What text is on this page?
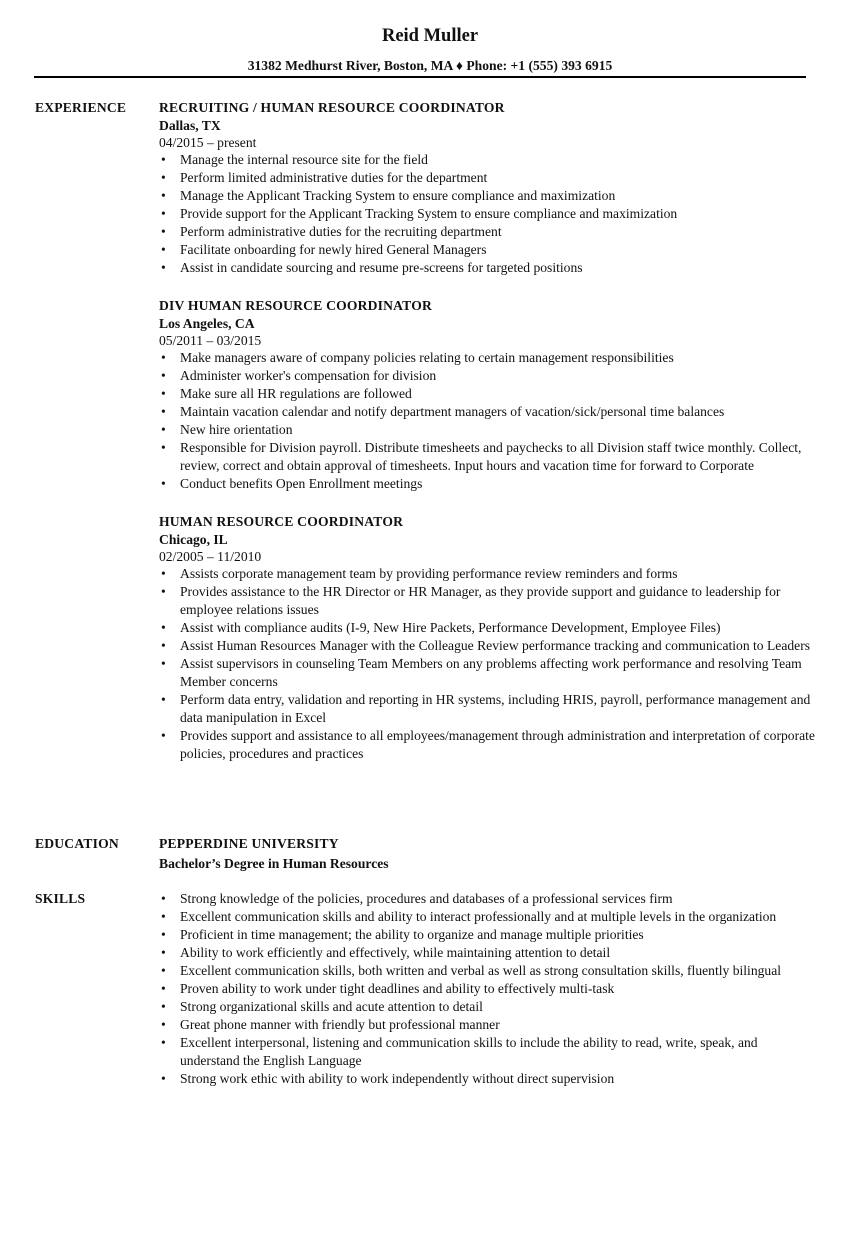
Reid Muller
31382 Medhurst River, Boston, MA ♦ Phone: +1 (555) 393 6915
EXPERIENCE RECRUITING / HUMAN RESOURCE COORDINATOR
Dallas, TX
04/2015 – present
• Manage the internal resource site for the field
• Perform limited administrative duties for the department
• Manage the Applicant Tracking System to ensure compliance and maximization
• Provide support for the Applicant Tracking System to ensure compliance and maximization
• Perform administrative duties for the recruiting department
• Facilitate onboarding for newly hired General Managers
• Assist in candidate sourcing and resume pre-screens for targeted positions
DIV HUMAN RESOURCE COORDINATOR
Los Angeles, CA
05/2011 – 03/2015
• Make managers aware of company policies relating to certain management responsibilities
• Administer worker's compensation for division
• Make sure all HR regulations are followed
• Maintain vacation calendar and notify department managers of vacation/sick/personal time balances
• New hire orientation
• Responsible for Division payroll. Distribute timesheets and paychecks to all Division staff twice monthly. Collect, review, correct and obtain approval of timesheets. Input hours and vacation time for forward to Corporate
• Conduct benefits Open Enrollment meetings
HUMAN RESOURCE COORDINATOR
Chicago, IL
02/2005 – 11/2010
• Assists corporate management team by providing performance review reminders and forms
• Provides assistance to the HR Director or HR Manager, as they provide support and guidance to leadership for employee relations issues
• Assist with compliance audits (I-9, New Hire Packets, Performance Development, Employee Files)
• Assist Human Resources Manager with the Colleague Review performance tracking and communication to Leaders
• Assist supervisors in counseling Team Members on any problems affecting work performance and resolving Team Member concerns
• Perform data entry, validation and reporting in HR systems, including HRIS, payroll, performance management and data manipulation in Excel
• Provides support and assistance to all employees/management through administration and interpretation of corporate policies, procedures and practices
EDUCATION	PEPPERDINE UNIVERSITY
Bachelor’s Degree in Human Resources
SKILLS
•	Strong knowledge of the policies, procedures and databases of a professional services firm
• Excellent communication skills and ability to interact professionally and at multiple levels in the organization
• Proficient in time management; the ability to organize and manage multiple priorities
• Ability to work efficiently and effectively, while maintaining attention to detail
• Excellent communication skills, both written and verbal as well as strong consultation skills, fluently bilingual
• Proven ability to work under tight deadlines and ability to effectively multi-task
• Strong organizational skills and acute attention to detail
• Great phone manner with friendly but professional manner
• Excellent interpersonal, listening and communication skills to include the ability to read, write, speak, and understand the English Language
• Strong work ethic with ability to work independently without direct supervision
